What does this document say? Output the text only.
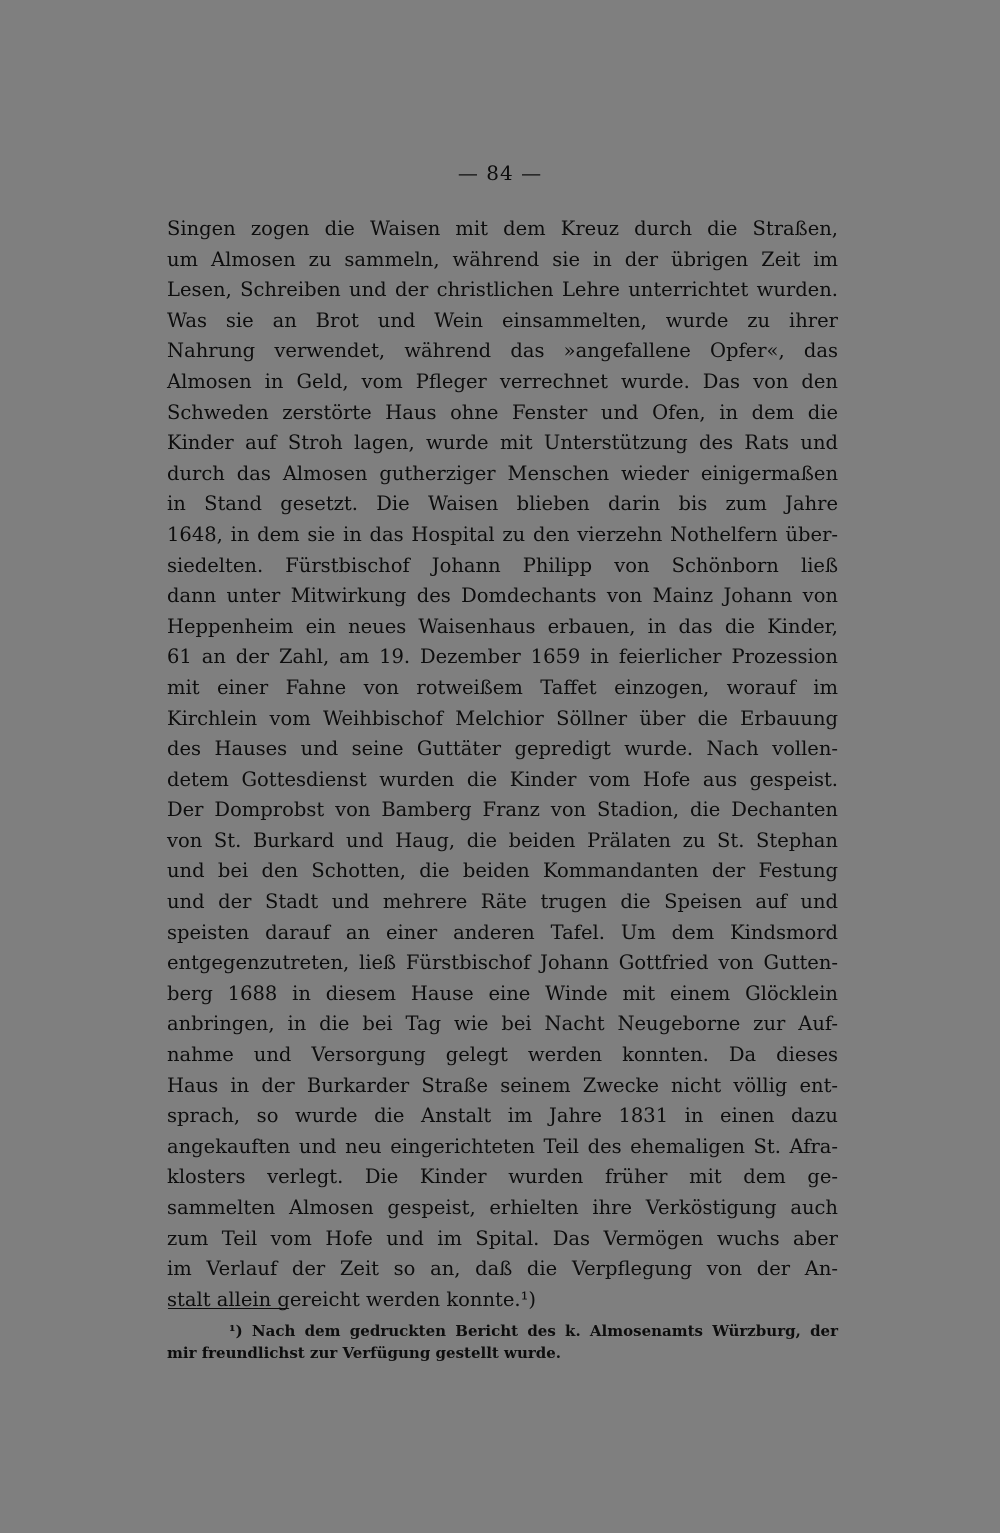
— 84 —
Singen zogen die Waisen mit dem Kreuz durch die Straßen,
um Almosen zu sammeln, während sie in der übrigen Zeit im
Lesen, Schreiben und der christlichen Lehre unterrichtet wurden.
Was sie an Brot und Wein einsammelten, wurde zu ihrer
Nahrung verwendet, während das »angefallene Opfer«, das
Almosen in Geld, vom Pfleger verrechnet wurde. Das von den
Schweden zerstörte Haus ohne Fenster und Ofen, in dem die
Kinder auf Stroh lagen, wurde mit Unterstützung des Rats und
durch das Almosen gutherziger Menschen wieder einigermaßen
in Stand gesetzt. Die Waisen blieben darin bis zum Jahre
1648, in dem sie in das Hospital zu den vierzehn Nothelfern über-
siedelten. Fürstbischof Johann Philipp von Schönborn ließ
dann unter Mitwirkung des Domdechants von Mainz Johann von
Heppenheim ein neues Waisenhaus erbauen, in das die Kinder,
61 an der Zahl, am 19. Dezember 1659 in feierlicher Prozession
mit einer Fahne von rotweißem Taffet einzogen, worauf im
Kirchlein vom Weihbischof Melchior Söllner über die Erbauung
des Hauses und seine Guttäter gepredigt wurde. Nach vollen-
detem Gottesdienst wurden die Kinder vom Hofe aus gespeist.
Der Domprobst von Bamberg Franz von Stadion, die Dechanten
von St. Burkard und Haug, die beiden Prälaten zu St. Stephan
und bei den Schotten, die beiden Kommandanten der Festung
und der Stadt und mehrere Räte trugen die Speisen auf und
speisten darauf an einer anderen Tafel. Um dem Kindsmord
entgegenzutreten, ließ Fürstbischof Johann Gottfried von Gutten-
berg 1688 in diesem Hause eine Winde mit einem Glöcklein
anbringen, in die bei Tag wie bei Nacht Neugeborne zur Auf-
nahme und Versorgung gelegt werden konnten. Da dieses
Haus in der Burkarder Straße seinem Zwecke nicht völlig ent-
sprach, so wurde die Anstalt im Jahre 1831 in einen dazu
angekauften und neu eingerichteten Teil des ehemaligen St. Afra-
klosters verlegt. Die Kinder wurden früher mit dem ge-
sammelten Almosen gespeist, erhielten ihre Verköstigung auch
zum Teil vom Hofe und im Spital. Das Vermögen wuchs aber
im Verlauf der Zeit so an, daß die Verpflegung von der An-
stalt allein gereicht werden konnte.¹)
¹) Nach dem gedruckten Bericht des k. Almosenamts Würzburg, der
mir freundlichst zur Verfügung gestellt wurde.
